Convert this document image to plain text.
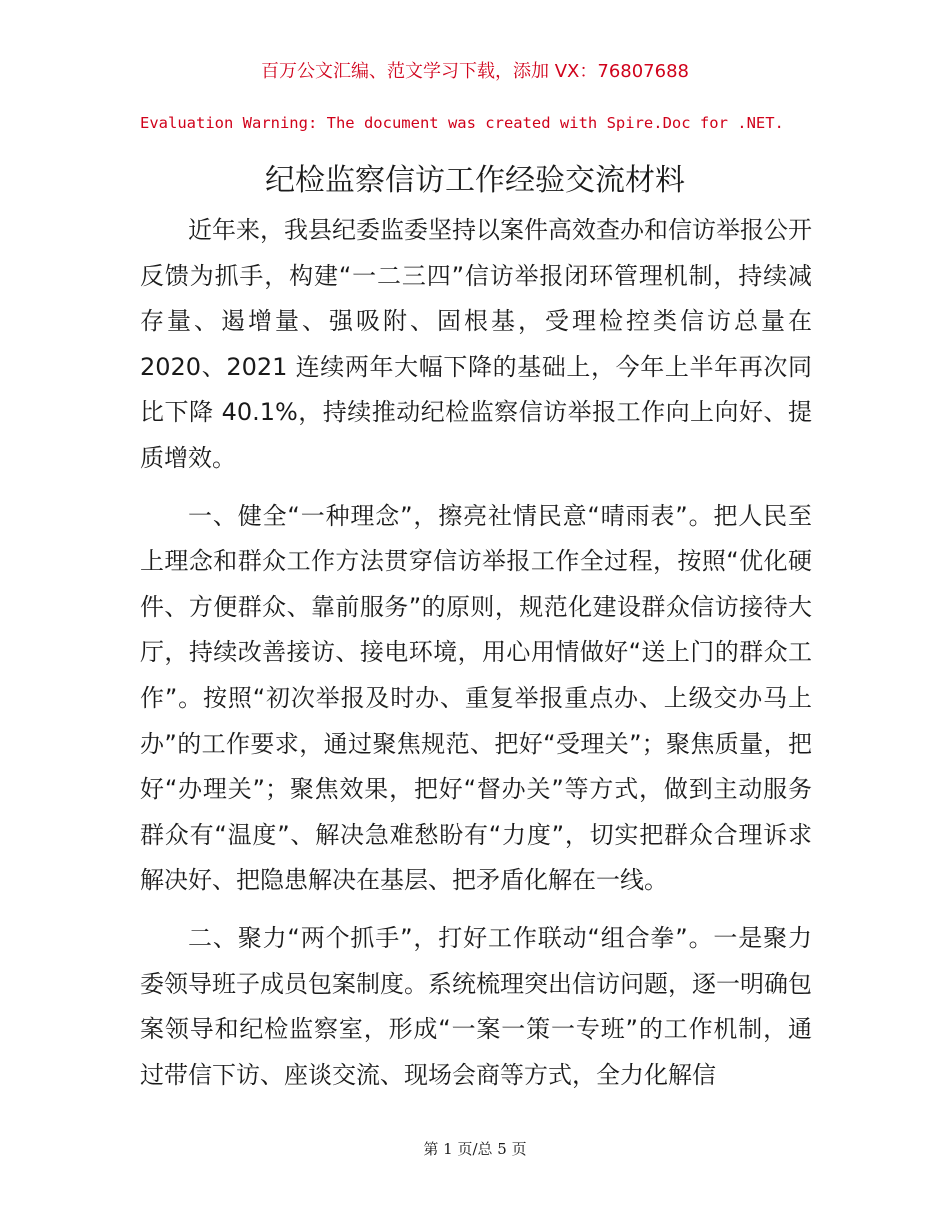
百万公文汇编、范文学习下载，添加 VX：76807688
Evaluation Warning: The document was created with Spire.Doc for .NET.
纪检监察信访工作经验交流材料

近年来，我县纪委监委坚持以案件高效查办和信访举报公开反馈为抓手，构建“一二三四”信访举报闭环管理机制，持续减存量、遏增量、强吸附、固根基，受理检控类信访总量在 2020、2021 连续两年大幅下降的基础上，今年上半年再次同比下降 40.1%，持续推动纪检监察信访举报工作向上向好、提质增效。

一、健全“一种理念”，擦亮社情民意“晴雨表”。把人民至上理念和群众工作方法贯穿信访举报工作全过程，按照“优化硬件、方便群众、靠前服务”的原则，规范化建设群众信访接待大厅，持续改善接访、接电环境，用心用情做好“送上门的群众工作”。按照“初次举报及时办、重复举报重点办、上级交办马上办”的工作要求，通过聚焦规范、把好“受理关”；聚焦质量，把好“办理关”；聚焦效果，把好“督办关”等方式，做到主动服务群众有“温度”、解决急难愁盼有“力度”，切实把群众合理诉求解决好、把隐患解决在基层、把矛盾化解在一线。

二、聚力“两个抓手”，打好工作联动“组合拳”。一是聚力委领导班子成员包案制度。系统梳理突出信访问题，逐一明确包案领导和纪检监察室，形成“一案一策一专班”的工作机制，通过带信下访、座谈交流、现场会商等方式，全力化解信

第 1 页/总 5 页
